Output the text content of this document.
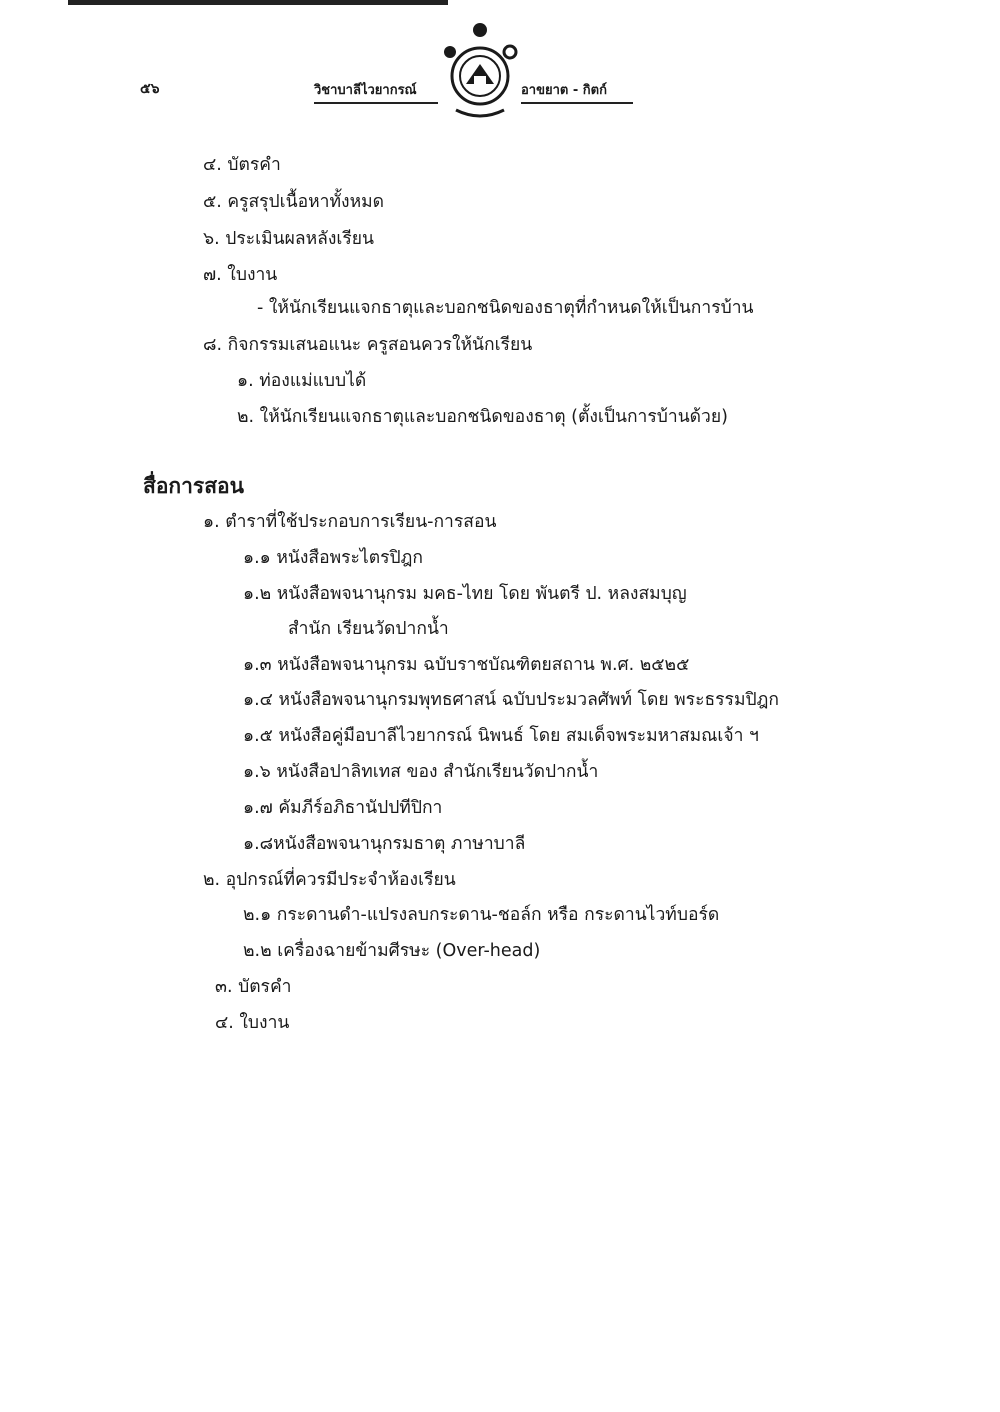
๕๖	วิชาบาลีไวยากรณ์	อาขยาต - กิตก์
๔. บัตรคำ
๕. ครูสรุปเนื้อหาทั้งหมด
๖. ประเมินผลหลังเรียน
๗. ใบงาน
- ให้นักเรียนแจกธาตุและบอกชนิดของธาตุที่กำหนดให้เป็นการบ้าน
๘. กิจกรรมเสนอแนะ ครูสอนควรให้นักเรียน
๑. ท่องแม่แบบได้
๒. ให้นักเรียนแจกธาตุและบอกชนิดของธาตุ (ตั้งเป็นการบ้านด้วย)
สื่อการสอน
๑. ตำราที่ใช้ประกอบการเรียน-การสอน
๑.๑ หนังสือพระไตรปิฎก
๑.๒ หนังสือพจนานุกรม มคธ-ไทย โดย พันตรี ป. หลงสมบุญ
สำนัก เรียนวัดปากน้ำ
๑.๓ หนังสือพจนานุกรม ฉบับราชบัณฑิตยสถาน พ.ศ. ๒๕๒๕
๑.๔ หนังสือพจนานุกรมพุทธศาสน์ ฉบับประมวลศัพท์ โดย พระธรรมปิฎก
๑.๕ หนังสือคู่มือบาลีไวยากรณ์ นิพนธ์ โดย สมเด็จพระมหาสมณเจ้า ฯ
๑.๖ หนังสือปาลิทเทส ของ สำนักเรียนวัดปากน้ำ
๑.๗ คัมภีร์อภิธานัปปทีปิกา
๑.๘หนังสือพจนานุกรมธาตุ ภาษาบาลี
๒. อุปกรณ์ที่ควรมีประจำห้องเรียน
๒.๑ กระดานดำ-แปรงลบกระดาน-ชอล์ก หรือ กระดานไวท์บอร์ด
๒.๒ เครื่องฉายข้ามศีรษะ (Over-head)
๓. บัตรคำ
๔. ใบงาน
